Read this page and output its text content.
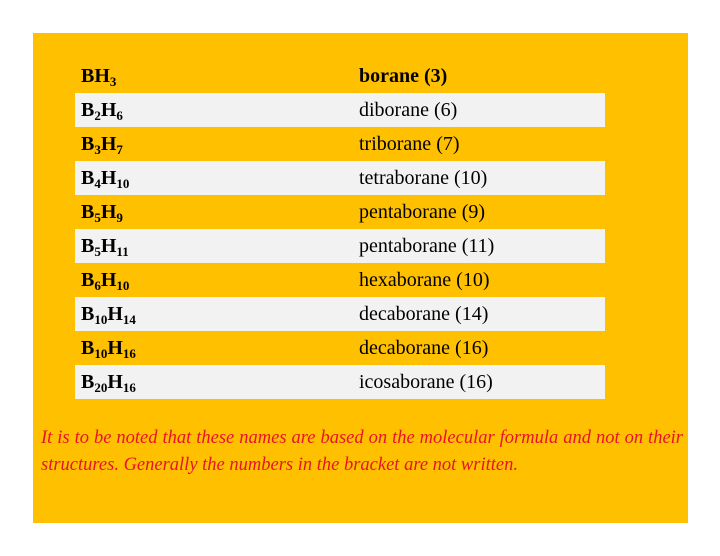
$BH_3$	borane (3)
$B_2H_6$	diborane (6)
$B_3H_7$	triborane (7)
$B_4H_{10}$	tetraborane (10)
$B_5H_9$	pentaborane (9)
$B_5H_{11}$	pentaborane (11)
$B_6H_{10}$	hexaborane (10)
$B_{10}H_{14}$	decaborane (14)
$B_{10}H_{16}$	decaborane (16)
$B_{20}H_{16}$	icosaborane (16)
It is to be noted that these names are based on the molecular formula and not on their structures. Generally the numbers in the bracket are not written.
